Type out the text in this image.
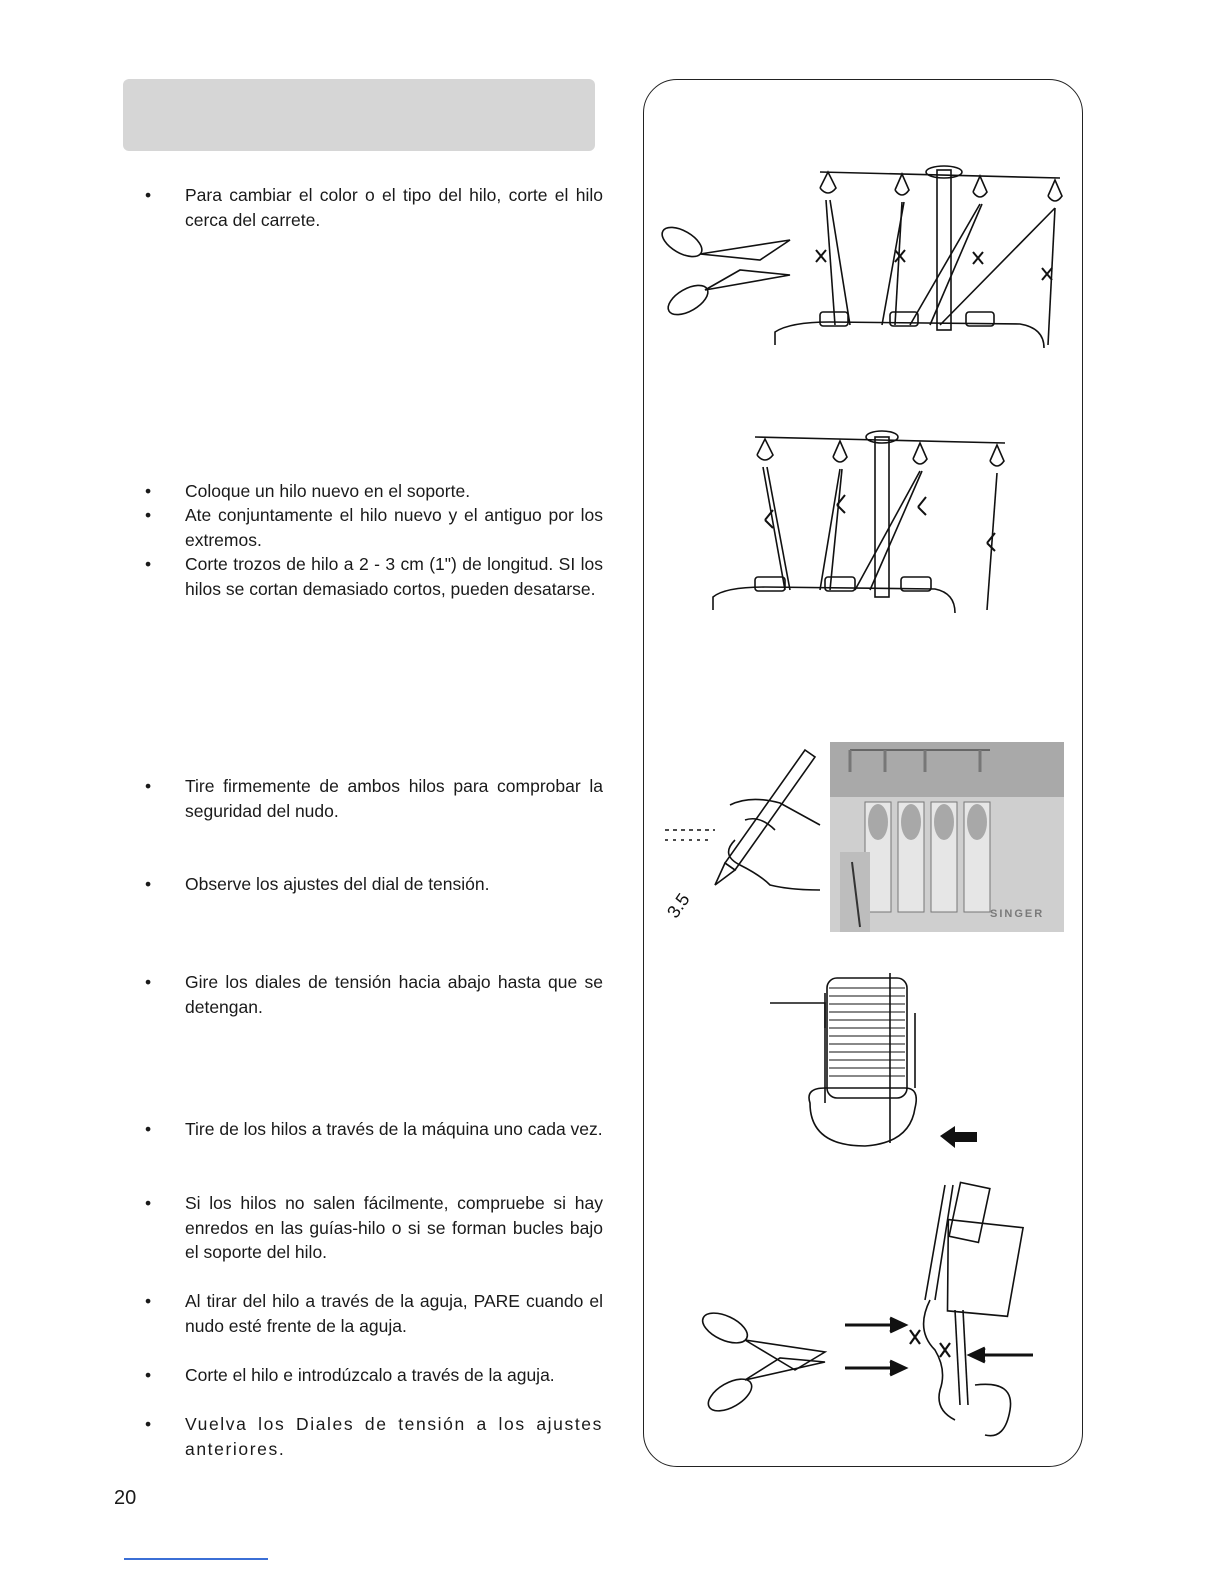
•	Para cambiar el color o el tipo del hilo, corte el hilo cerca del carrete.
•	Coloque un hilo nuevo en el soporte.
•	Ate conjuntamente el hilo nuevo y el antiguo por los extremos.
•	Corte trozos de hilo a 2 - 3 cm (1") de longitud. SI los hilos se cortan demasiado cortos, pueden desatarse.
•	Tire firmemente de ambos hilos para comprobar la seguridad del nudo.
•	Observe los ajustes del dial de tensión.
•	Gire los diales de tensión hacia abajo hasta que se detengan.
•	Tire de los hilos a través de la máquina uno cada vez.
•	Si los hilos no salen fácilmente, compruebe si hay enredos en las guías-hilo o si se forman bucles bajo el soporte del hilo.
•	Al tirar del hilo a través de la aguja, PARE cuando el nudo esté frente de la aguja.
•	Corte el hilo e introdúzcalo a través de la aguja.
•	Vuelva los Diales de tensión a los ajustes anteriores.
20
3.5	SINGER
